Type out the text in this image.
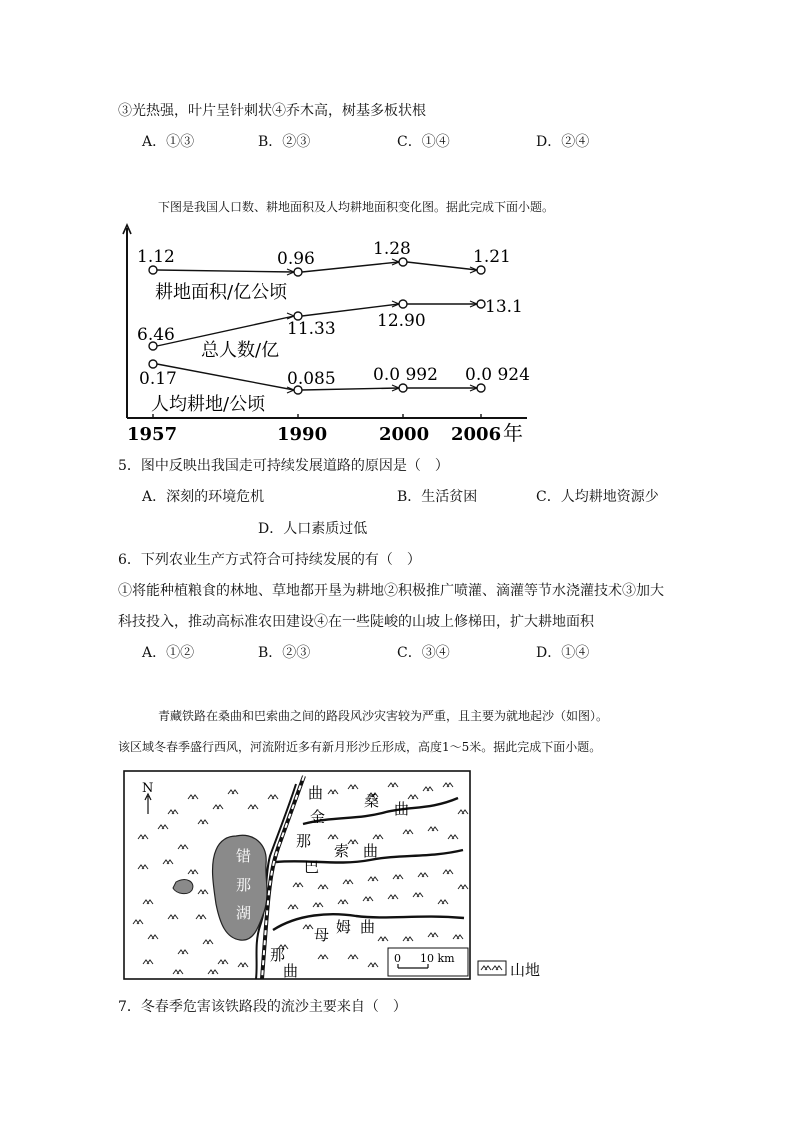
③光热强，叶片呈针刺状④乔木高，树基多板状根
A．①③	B．②③	C．①④	D．②④
下图是我国人口数、耕地面积及人均耕地面积变化图。据此完成下面小题。
1957	1990	2000 2006 年
1.12	0.96	1.28	1.21
耕地面积/亿公顷
6.46	11.33 12.90
13.1
总人数/亿
0.17	0.085 0.0 992 0.0 924
人均耕地/公顷
5．图中反映出我国走可持续发展道路的原因是（　）
A．深刻的环境危机	B．生活贫困	C．人均耕地资源少
D．人口素质过低
6．下列农业生产方式符合可持续发展的有（　）
①将能种植粮食的林地、草地都开垦为耕地②积极推广喷灌、滴灌等节水浇灌技术③加大
科技投入，推动高标准农田建设④在一些陡峻的山坡上修梯田，扩大耕地面积
A．①②	B．②③	C．③④	D．①④
青藏铁路在桑曲和巴索曲之间的路段风沙灾害较为严重，且主要为就地起沙（如图）。
该区域冬春季盛行西风，河流附近多有新月形沙丘形成，高度1～5米。据此完成下面小题。
N
错
那
湖
曲	桑 曲
金
那
巴
索 曲
母 姆 曲
那
曲
0 10 km
山地
7．冬春季危害该铁路段的流沙主要来自（　）
